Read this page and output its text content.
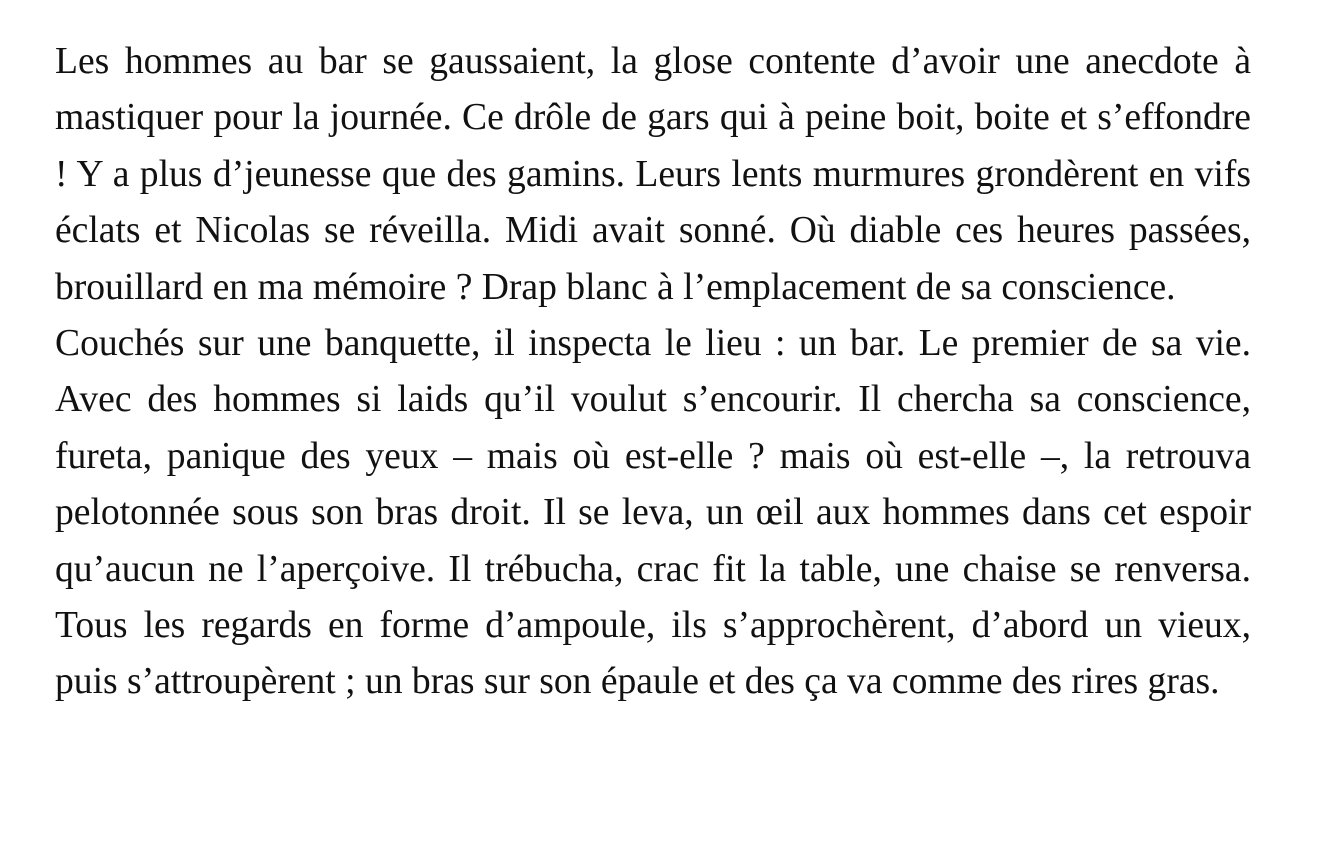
Les hommes au bar se gaussaient, la glose contente d’avoir une anecdote à mastiquer pour la journée. Ce drôle de gars qui à peine boit, boite et s’effondre ! Y a plus d’jeunesse que des gamins. Leurs lents murmures grondèrent en vifs éclats et Nicolas se réveilla. Midi avait sonné. Où diable ces heures passées, brouillard en ma mémoire ? Drap blanc à l’emplacement de sa conscience.

Couchés sur une banquette, il inspecta le lieu : un bar. Le premier de sa vie. Avec des hommes si laids qu’il voulut s’encourir. Il chercha sa conscience, fureta, panique des yeux – mais où est-elle ? mais où est-elle –, la retrouva pelotonnée sous son bras droit. Il se leva, un œil aux hommes dans cet espoir qu’aucun ne l’aperçoive. Il trébucha, crac fit la table, une chaise se renversa. Tous les regards en forme d’ampoule, ils s’approchèrent, d’abord un vieux, puis s’attroupèrent ; un bras sur son épaule et des ça va comme des rires gras.
